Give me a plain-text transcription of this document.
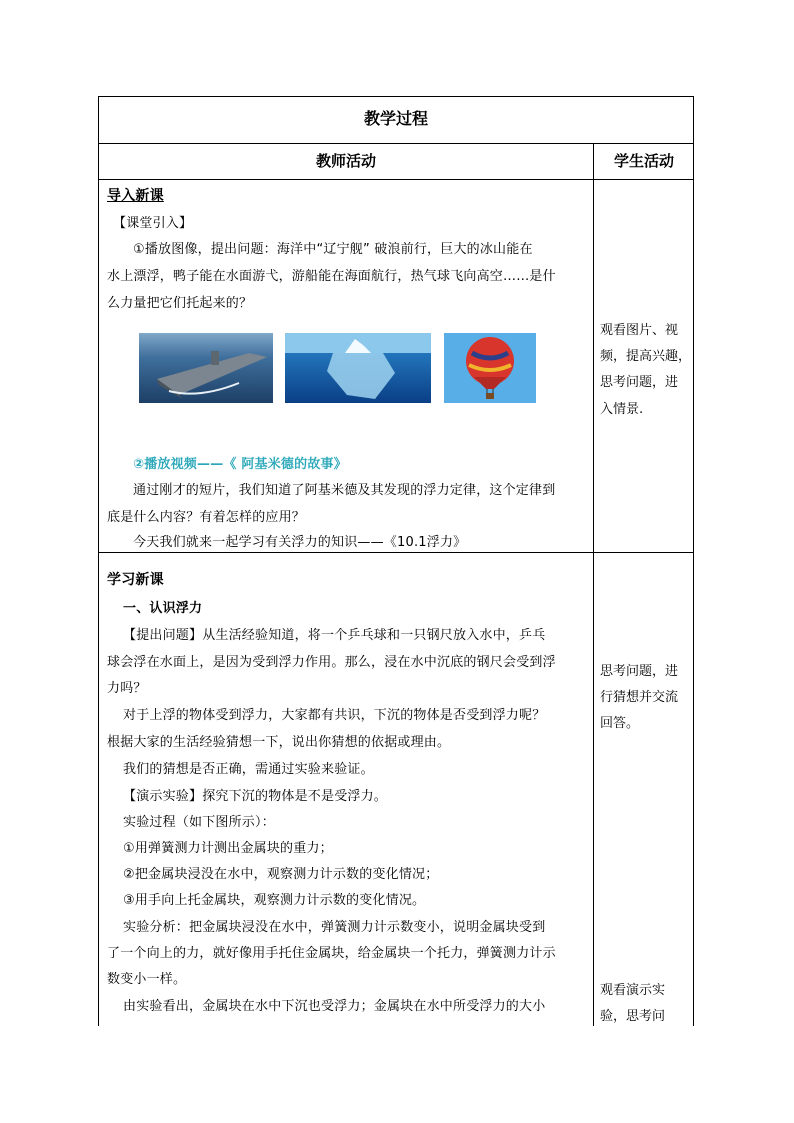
教学过程
教师活动	学生活动
导入新课
【课堂引入】
①播放图像，提出问题：海洋中“辽宁舰” 破浪前行，巨大的冰山能在
水上漂浮，鸭子能在水面游弋，游船能在海面航行，热气球飞向高空……是什
么力量把它们托起来的？
②播放视频——《 阿基米德的故事》
通过刚才的短片，我们知道了阿基米德及其发现的浮力定律，这个定律到
底是什么内容？有着怎样的应用？
今天我们就来一起学习有关浮力的知识——《10.1浮力》
观看图片、视
频，提高兴趣，
思考问题，进
入情景.
学习新课
一、认识浮力
【提出问题】从生活经验知道，将一个乒乓球和一只钢尺放入水中，乒乓
球会浮在水面上，是因为受到浮力作用。那么，浸在水中沉底的钢尺会受到浮
力吗？
对于上浮的物体受到浮力，大家都有共识，下沉的物体是否受到浮力呢？
根据大家的生活经验猜想一下，说出你猜想的依据或理由。
我们的猜想是否正确，需通过实验来验证。
【演示实验】探究下沉的物体是不是受浮力。
实验过程（如下图所示）：
①用弹簧测力计测出金属块的重力；
②把金属块浸没在水中，观察测力计示数的变化情况；
③用手向上托金属块，观察测力计示数的变化情况。
实验分析：把金属块浸没在水中，弹簧测力计示数变小，说明金属块受到
了一个向上的力，就好像用手托住金属块，给金属块一个托力，弹簧测力计示
数变小一样。
由实验看出，金属块在水中下沉也受浮力；金属块在水中所受浮力的大小
思考问题，进
行猜想并交流
回答。
观看演示实
验，思考问
